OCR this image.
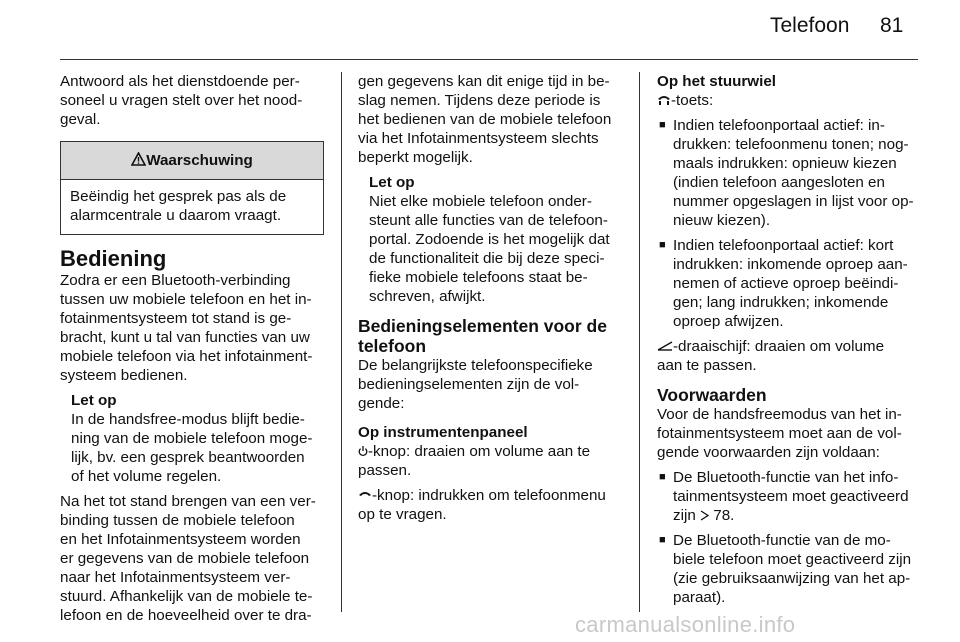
Telefoon 81
Antwoord als het dienstdoende per-
soneel u vragen stelt over het nood-
geval.
Waarschuwing
Beëindig het gesprek pas als de
alarmcentrale u daarom vraagt.
Bediening
Zodra er een Bluetooth-verbinding
tussen uw mobiele telefoon en het in-
fotainmentsysteem tot stand is ge-
bracht, kunt u tal van functies van uw
mobiele telefoon via het infotainment-
systeem bedienen.
Let op
In de handsfree-modus blijft bedie-
ning van de mobiele telefoon moge-
lijk, bv. een gesprek beantwoorden
of het volume regelen.
Na het tot stand brengen van een ver-
binding tussen de mobiele telefoon
en het Infotainmentsysteem worden
er gegevens van de mobiele telefoon
naar het Infotainmentsysteem ver-
stuurd. Afhankelijk van de mobiele te-
lefoon en de hoeveelheid over te dra-
gen gegevens kan dit enige tijd in be-
slag nemen. Tijdens deze periode is
het bedienen van de mobiele telefoon
via het Infotainmentsysteem slechts
beperkt mogelijk.
Let op
Niet elke mobiele telefoon onder-
steunt alle functies van de telefoon-
portal. Zodoende is het mogelijk dat
de functionaliteit die bij deze speci-
fieke mobiele telefoons staat be-
schreven, afwijkt.
Bedieningselementen voor de
telefoon
De belangrijkste telefoonspecifieke
bedieningselementen zijn de vol-
gende:
Op instrumentenpaneel
-knop: draaien om volume aan te
passen.
-knop: indrukken om telefoonmenu
op te vragen.
Op het stuurwiel
-toets:
■ Indien telefoonportaal actief: in-
drukken: telefoonmenu tonen; nog-
maals indrukken: opnieuw kiezen
(indien telefoon aangesloten en
nummer opgeslagen in lijst voor op-
nieuw kiezen).
■ Indien telefoonportaal actief: kort
indrukken: inkomende oproep aan-
nemen of actieve oproep beëindi-
gen; lang indrukken; inkomende
oproep afwijzen.
-draaischijf: draaien om volume
aan te passen.
Voorwaarden
Voor de handsfreemodus van het in-
fotainmentsysteem moet aan de vol-
gende voorwaarden zijn voldaan:
■ De Bluetooth-functie van het info-
tainmentsysteem moet geactiveerd
zijn  78.
■ De Bluetooth-functie van de mo-
biele telefoon moet geactiveerd zijn
(zie gebruiksaanwijzing van het ap-
paraat).
carmanualsonline.info
